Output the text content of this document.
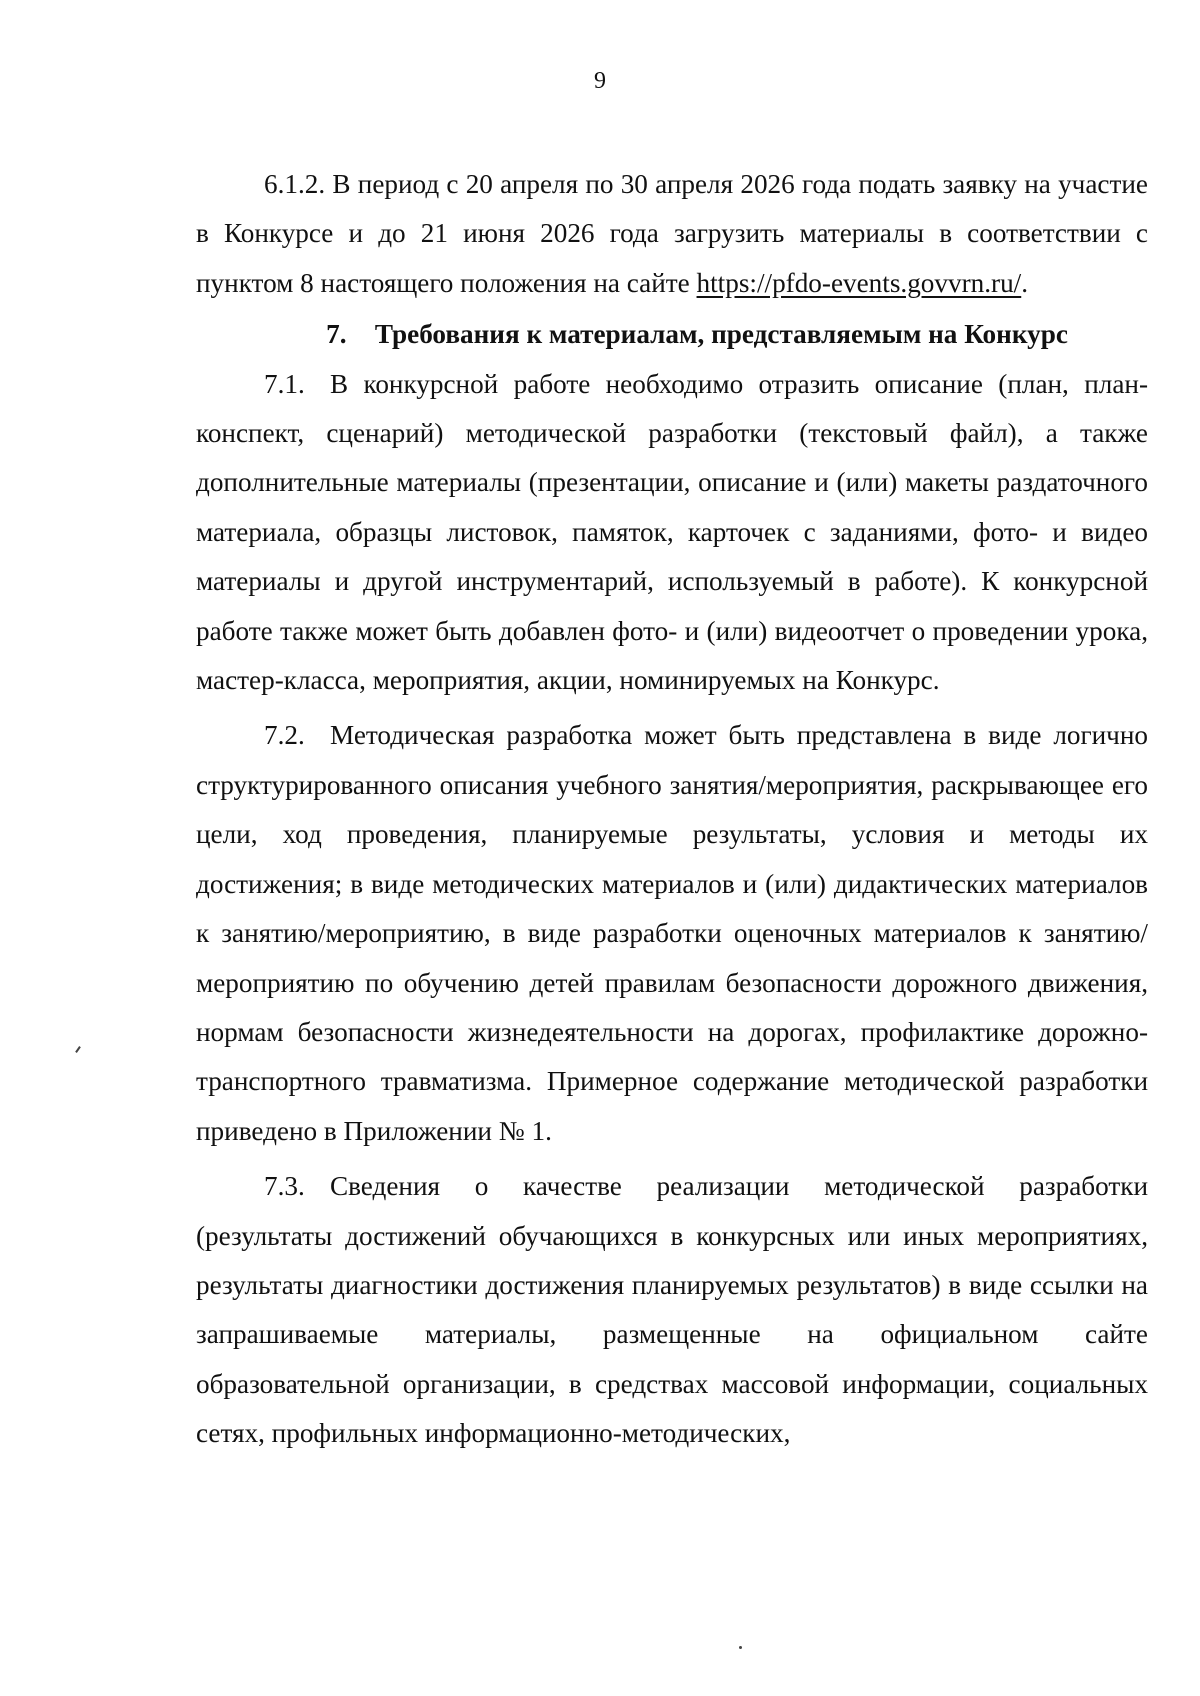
9

6.1.2. В период с 20 апреля по 30 апреля 2026 года подать заявку на участие в Конкурсе и до 21 июня 2026 года загрузить материалы в соответствии с пунктом 8 настоящего положения на сайте https://pfdo-events.govvrn.ru/.

7. Требования к материалам, представляемым на Конкурс

7.1. В конкурсной работе необходимо отразить описание (план, план-конспект, сценарий) методической разработки (текстовый файл), а также дополнительные материалы (презентации, описание и (или) макеты раздаточного материала, образцы листовок, памяток, карточек с заданиями, фото- и видео материалы и другой инструментарий, используемый в работе). К конкурсной работе также может быть добавлен фото- и (или) видеоотчет о проведении урока, мастер-класса, мероприятия, акции, номинируемых на Конкурс.

7.2. Методическая разработка может быть представлена в виде логично структурированного описания учебного занятия/мероприятия, раскрывающее его цели, ход проведения, планируемые результаты, условия и методы их достижения; в виде методических материалов и (или) дидактических материалов к занятию/мероприятию, в виде разработки оценочных материалов к занятию/мероприятию по обучению детей правилам безопасности дорожного движения, нормам безопасности жизнедеятельности на дорогах, профилактике дорожно-транспортного травматизма. Примерное содержание методической разработки приведено в Приложении № 1.

7.3. Сведения о качестве реализации методической разработки (результаты достижений обучающихся в конкурсных или иных мероприятиях, результаты диагностики достижения планируемых результатов) в виде ссылки на запрашиваемые материалы, размещенные на официальном сайте образовательной организации, в средствах массовой информации, социальных сетях, профильных информационно-методических,
